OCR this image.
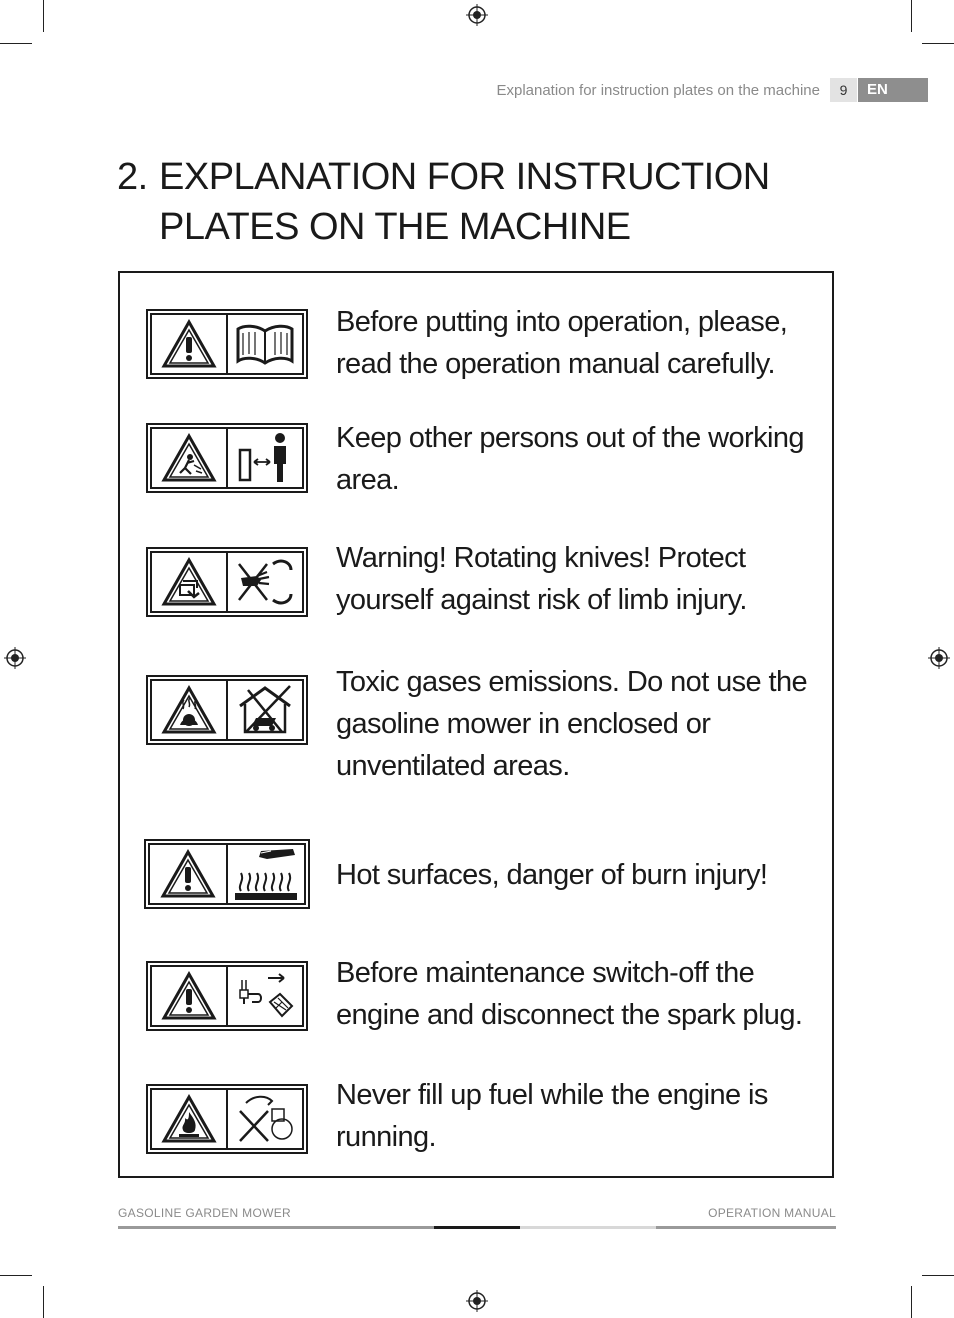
Explanation for instruction plates on the machine	9	EN
2. EXPLANATION FOR INSTRUCTION
PLATES ON THE MACHINE
Before putting into operation, please, read the operation manual carefully.
Keep other persons out of the working area.
Warning! Rotating knives! Protect yourself against risk of limb injury.
Toxic gases emissions. Do not use the gasoline mower in enclosed or unventilated areas.
Hot surfaces, danger of burn injury!
Before maintenance switch-off the engine and disconnect the spark plug.
Never fill up fuel while the engine is running.
GASOLINE GARDEN MOWER	OPERATION MANUAL
